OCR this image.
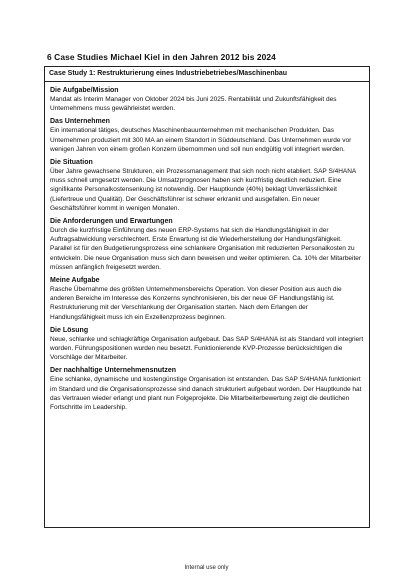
6 Case Studies Michael Kiel in den Jahren 2012 bis 2024
Case Study 1: Restrukturierung eines Industriebetriebes/Maschinenbau
Die Aufgabe/Mission

Mandat als Interim Manager von Oktober 2024 bis Juni 2025. Rentabilität und Zukunftsfähigkeit des Unternehmens muss gewährleistet werden.

Das Unternehmen

Ein international tätiges, deutsches Maschinenbauunternehmen mit mechanischen Produkten. Das Unternehmen produziert mit 300 MA an einem Standort in Süddeutschland. Das Unternehmen wurde vor wenigen Jahren von einem großen Konzern übernommen und soll nun endgültig voll integriert werden.

Die Situation

Über Jahre gewachsene Strukturen, ein Prozessmanagement that sich noch nicht etabliert. SAP S/4HANA muss schnell umgesetzt werden. Die Umsatzprognosen haben sich kurzfristig deutlich reduziert. Eine signifikante Personalkostensenkung ist notwendig. Der Hauptkunde (40%) beklagt Unverlässlichkeit (Liefertreue und Qualität). Der Geschäftsführer ist schwer erkrankt und ausgefallen. Ein neuer Geschäftsführer kommt in wenigen Monaten.

Die Anforderungen und Erwartungen

Durch die kurzfristige Einführung des neuen ERP-Systems hat sich die Handlungsfähigkeit in der Auftragsabwicklung verschlechtert. Erste Erwartung ist die Wiederherstellung der Handlungsfähigkeit. Parallel ist für den Budgetierungsprozess eine schlankere Organisation mit reduzierten Personalkosten zu entwickeln. Die neue Organisation muss sich dann beweisen und weiter optimieren. Ca. 10% der Mitarbeiter müssen anfänglich freigesetzt werden.

Meine Aufgabe

Rasche Übernahme des größten Unternehmensbereichs Operation. Von dieser Position aus auch die anderen Bereiche im Interesse des Konzerns synchronisieren, bis der neue GF Handlungsfähig ist. Restrukturierung mit der Verschlankung der Organisation starten. Nach dem Erlangen der Handlungsfähigkeit muss ich ein Exzellenzprozess beginnen.

Die Lösung

Neue, schlanke und schlagkräftige Organisation aufgebaut. Das SAP S/4HANA ist als Standard voll integriert worden. Führungspositionen wurden neu besetzt. Funktionierende KVP-Prozesse berücksichtigen die Vorschläge der Mitarbeiter.

Der nachhaltige Unternehmensnutzen

Eine schlanke, dynamische und kostengünstige Organisation ist entstanden. Das SAP S/4HANA funktioniert im Standard und die Organisationsprozesse sind danach strukturiert aufgebaut worden. Der Hauptkunde hat das Vertrauen wieder erlangt und plant nun Folgeprojekte. Die Mitarbeiterbewertung zeigt die deutlichen Fortschritte im Leadership.

Internal use only
